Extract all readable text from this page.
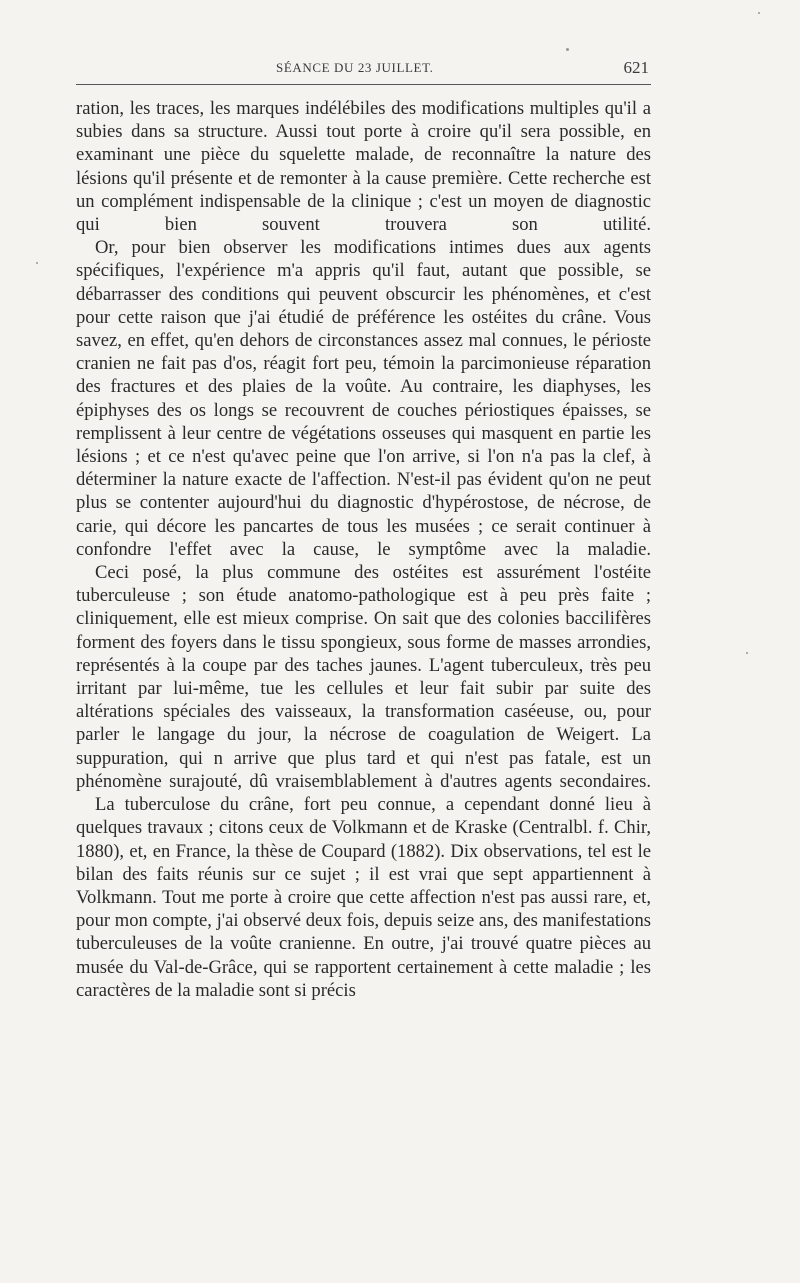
SÉANCE DU 23 JUILLET.	621

ration, les traces, les marques indélébiles des modifications multiples qu'il a subies dans sa structure. Aussi tout porte à croire qu'il sera possible, en examinant une pièce du squelette malade, de reconnaître la nature des lésions qu'il présente et de remonter à la cause première. Cette recherche est un complément indispensable de la clinique ; c'est un moyen de diagnostic qui bien souvent trouvera son utilité.

Or, pour bien observer les modifications intimes dues aux agents spécifiques, l'expérience m'a appris qu'il faut, autant que possible, se débarrasser des conditions qui peuvent obscurcir les phénomènes, et c'est pour cette raison que j'ai étudié de préférence les ostéites du crâne. Vous savez, en effet, qu'en dehors de circonstances assez mal connues, le périoste cranien ne fait pas d'os, réagit fort peu, témoin la parcimonieuse réparation des fractures et des plaies de la voûte. Au contraire, les diaphyses, les épiphyses des os longs se recouvrent de couches périostiques épaisses, se remplissent à leur centre de végétations osseuses qui masquent en partie les lésions ; et ce n'est qu'avec peine que l'on arrive, si l'on n'a pas la clef, à déterminer la nature exacte de l'affection. N'est-il pas évident qu'on ne peut plus se contenter aujourd'hui du diagnostic d'hypérostose, de nécrose, de carie, qui décore les pancartes de tous les musées ; ce serait continuer à confondre l'effet avec la cause, le symptôme avec la maladie.

Ceci posé, la plus commune des ostéites est assurément l'ostéite tuberculeuse ; son étude anatomo-pathologique est à peu près faite ; cliniquement, elle est mieux comprise. On sait que des colonies baccilifères forment des foyers dans le tissu spongieux, sous forme de masses arrondies, représentés à la coupe par des taches jaunes. L'agent tuberculeux, très peu irritant par lui-même, tue les cellules et leur fait subir par suite des altérations spéciales des vaisseaux, la transformation caséeuse, ou, pour parler le langage du jour, la nécrose de coagulation de Weigert. La suppuration, qui n arrive que plus tard et qui n'est pas fatale, est un phénomène surajouté, dû vraisemblablement à d'autres agents secondaires.

La tuberculose du crâne, fort peu connue, a cependant donné lieu à quelques travaux ; citons ceux de Volkmann et de Kraske (Centralbl. f. Chir, 1880), et, en France, la thèse de Coupard (1882). Dix observations, tel est le bilan des faits réunis sur ce sujet ; il est vrai que sept appartiennent à Volkmann. Tout me porte à croire que cette affection n'est pas aussi rare, et, pour mon compte, j'ai observé deux fois, depuis seize ans, des manifestations tuberculeuses de la voûte cranienne. En outre, j'ai trouvé quatre pièces au musée du Val-de-Grâce, qui se rapportent certainement à cette maladie ; les caractères de la maladie sont si précis
